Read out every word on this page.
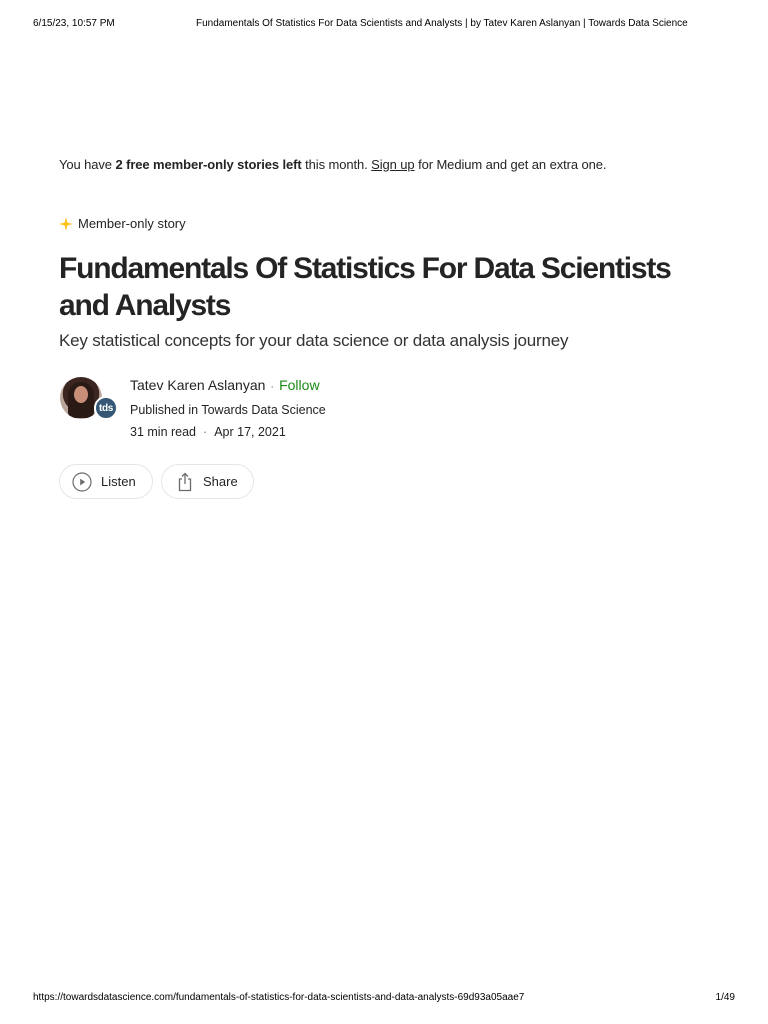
6/15/23, 10:57 PM	Fundamentals Of Statistics For Data Scientists and Analysts | by Tatev Karen Aslanyan | Towards Data Science
You have 2 free member-only stories left this month. Sign up for Medium and get an extra one.
Member-only story
Fundamentals Of Statistics For Data Scientists and Analysts

Key statistical concepts for your data science or data analysis journey

tds
Tatev Karen Aslanyan · Follow
Published in Towards Data Science
31 min read · Apr 17, 2021
Listen	Share
https://towardsdatascience.com/fundamentals-of-statistics-for-data-scientists-and-data-analysts-69d93a05aae7	1/49
